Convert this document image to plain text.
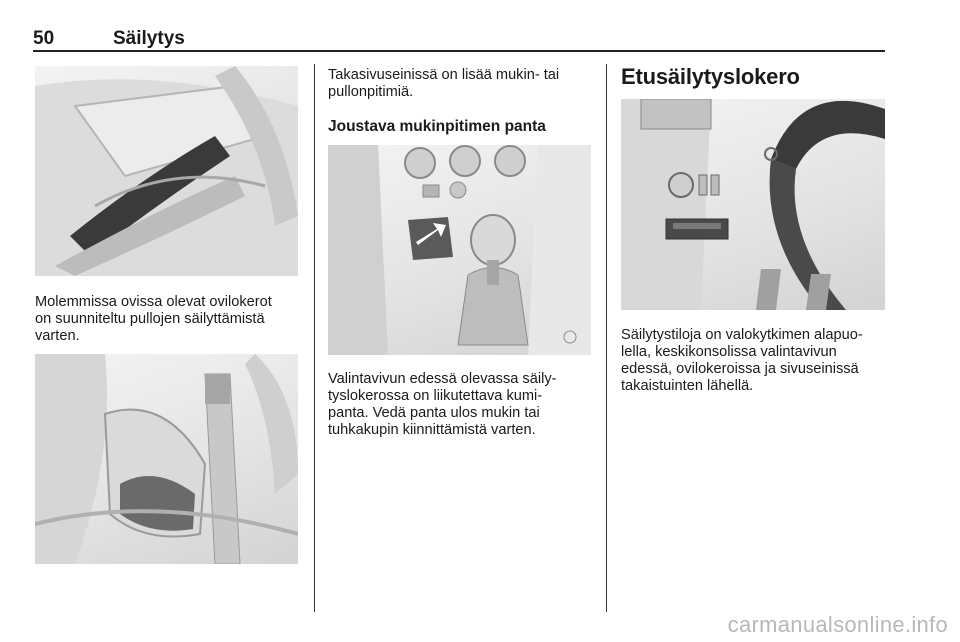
50	Säilytys

Molemmissa ovissa olevat ovilokerot
on suunniteltu pullojen säilyttämistä
varten.

Takasivuseinissä on lisää mukin- tai
pullonpitimiä.

Joustava mukinpitimen panta

Valintavivun edessä olevassa säily-
tyslokerossa on liikutettava kumi-
panta. Vedä panta ulos mukin tai
tuhkakupin kiinnittämistä varten.

Etusäilytyslokero

Säilytystiloja on valokytkimen alapuo-
lella, keskikonsolissa valintavivun
edessä, ovilokeroissa ja sivuseinissä
takaistuinten lähellä.

carmanualsonline.info
